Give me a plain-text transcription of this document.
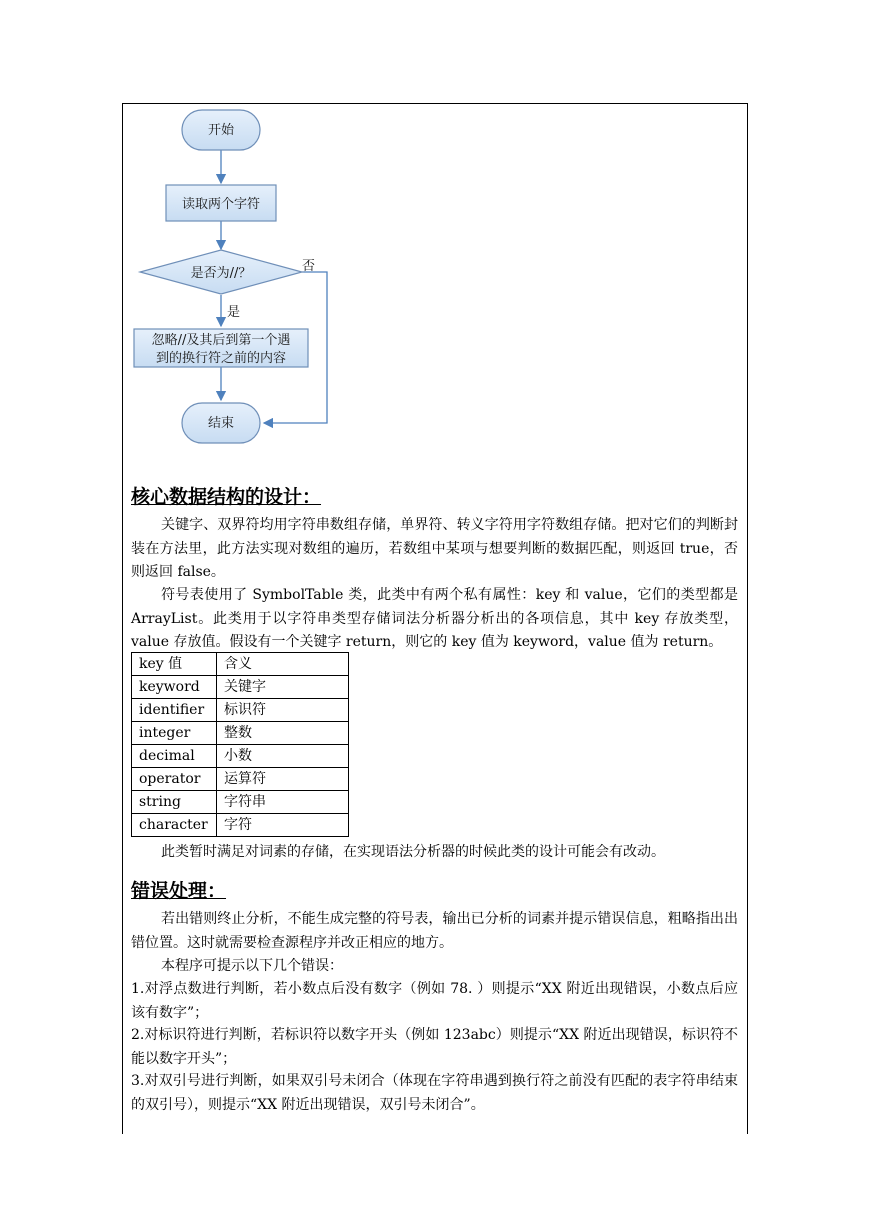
开始
读取两个字符
是否为//？	否
是
忽略//及其后到第一个遇
到的换行符之前的内容
结束
核心数据结构的设计：
关键字、双界符均用字符串数组存储，单界符、转义字符用字符数组存储。把对它们的判断封装在方法里，此方法实现对数组的遍历，若数组中某项与想要判断的数据匹配，则返回 true，否则返回 false。
符号表使用了 SymbolTable 类，此类中有两个私有属性：key 和 value，它们的类型都是 ArrayList。此类用于以字符串类型存储词法分析器分析出的各项信息，其中 key 存放类型，value 存放值。假设有一个关键字 return，则它的 key 值为 keyword，value 值为 return。
key 值	含义
keyword	关键字
identifier	标识符
integer	整数
decimal	小数
operator	运算符
string	字符串
character	字符
此类暂时满足对词素的存储，在实现语法分析器的时候此类的设计可能会有改动。
错误处理：
若出错则终止分析，不能生成完整的符号表，输出已分析的词素并提示错误信息，粗略指出出错位置。这时就需要检查源程序并改正相应的地方。
本程序可提示以下几个错误：
1.对浮点数进行判断，若小数点后没有数字（例如 78. ）则提示“XX 附近出现错误，小数点后应该有数字”；
2.对标识符进行判断，若标识符以数字开头（例如 123abc）则提示“XX 附近出现错误，标识符不能以数字开头”；
3.对双引号进行判断，如果双引号未闭合（体现在字符串遇到换行符之前没有匹配的表字符串结束的双引号），则提示“XX 附近出现错误，双引号未闭合”。
